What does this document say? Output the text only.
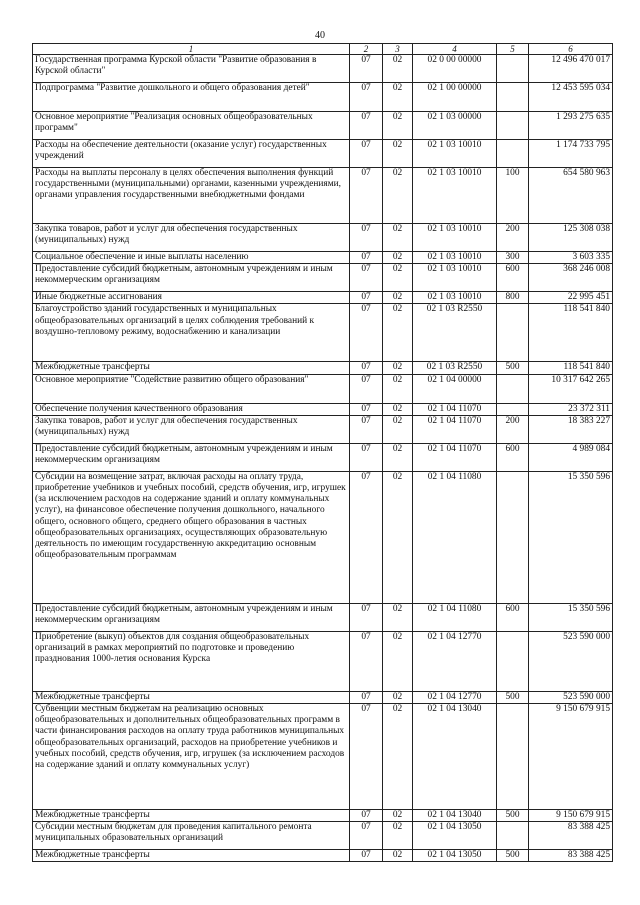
40
1	2	3	4	5	6
Государственная программа Курской области "Развитие образования в Курской области"	07	02	02 0 00 00000		12 496 470 017
Подпрограмма "Развитие дошкольного и общего образования детей"	07	02	02 1 00 00000		12 453 595 034
Основное мероприятие "Реализация основных общеобразовательных программ"	07	02	02 1 03 00000		1 293 275 635
Расходы на обеспечение деятельности (оказание услуг) государственных учреждений	07	02	02 1 03 10010		1 174 733 795
Расходы на выплаты персоналу в целях обеспечения выполнения функций государственными (муниципальными) органами, казенными учреждениями, органами управления государственными внебюджетными фондами	07	02	02 1 03 10010	100	654 580 963
Закупка товаров, работ и услуг для обеспечения государственных (муниципальных) нужд	07	02	02 1 03 10010	200	125 308 038
Социальное обеспечение и иные выплаты населению	07	02	02 1 03 10010	300	3 603 335
Предоставление субсидий бюджетным, автономным учреждениям и иным некоммерческим организациям	07	02	02 1 03 10010	600	368 246 008
Иные бюджетные ассигнования	07	02	02 1 03 10010	800	22 995 451
Благоустройство зданий государственных и муниципальных общеобразовательных организаций в целях соблюдения требований к воздушно-тепловому режиму, водоснабжению и канализации	07	02	02 1 03 R2550		118 541 840
Межбюджетные трансферты	07	02	02 1 03 R2550	500	118 541 840
Основное мероприятие "Содействие развитию общего образования"	07	02	02 1 04 00000		10 317 642 265
Обеспечение получения качественного образования	07	02	02 1 04 11070		23 372 311
Закупка товаров, работ и услуг для обеспечения государственных (муниципальных) нужд	07	02	02 1 04 11070	200	18 383 227
Предоставление субсидий бюджетным, автономным учреждениям и иным некоммерческим организациям	07	02	02 1 04 11070	600	4 989 084
Субсидии на возмещение затрат, включая расходы на оплату труда, приобретение учебников и учебных пособий, средств обучения, игр, игрушек (за исключением расходов на содержание зданий и оплату коммунальных услуг), на финансовое обеспечение получения дошкольного, начального общего, основного общего, среднего общего образования в частных общеобразовательных организациях, осуществляющих образовательную деятельность по имеющим государственную аккредитацию основным общеобразовательным программам	07	02	02 1 04 11080		15 350 596
Предоставление субсидий бюджетным, автономным учреждениям и иным некоммерческим организациям	07	02	02 1 04 11080	600	15 350 596
Приобретение (выкуп) объектов для создания общеобразовательных организаций в рамках мероприятий по подготовке и проведению празднования 1000-летия основания Курска	07	02	02 1 04 12770		523 590 000
Межбюджетные трансферты	07	02	02 1 04 12770	500	523 590 000
Субвенции местным бюджетам на реализацию основных общеобразовательных и дополнительных общеобразовательных программ в части финансирования расходов на оплату труда работников муниципальных общеобразовательных организаций, расходов на приобретение учебников и учебных пособий, средств обучения, игр, игрушек (за исключением расходов на содержание зданий и оплату коммунальных услуг)	07	02	02 1 04 13040		9 150 679 915
Межбюджетные трансферты	07	02	02 1 04 13040	500	9 150 679 915
Субсидии местным бюджетам для проведения капитального ремонта муниципальных образовательных организаций	07	02	02 1 04 13050		83 388 425
Межбюджетные трансферты	07	02	02 1 04 13050	500	83 388 425
